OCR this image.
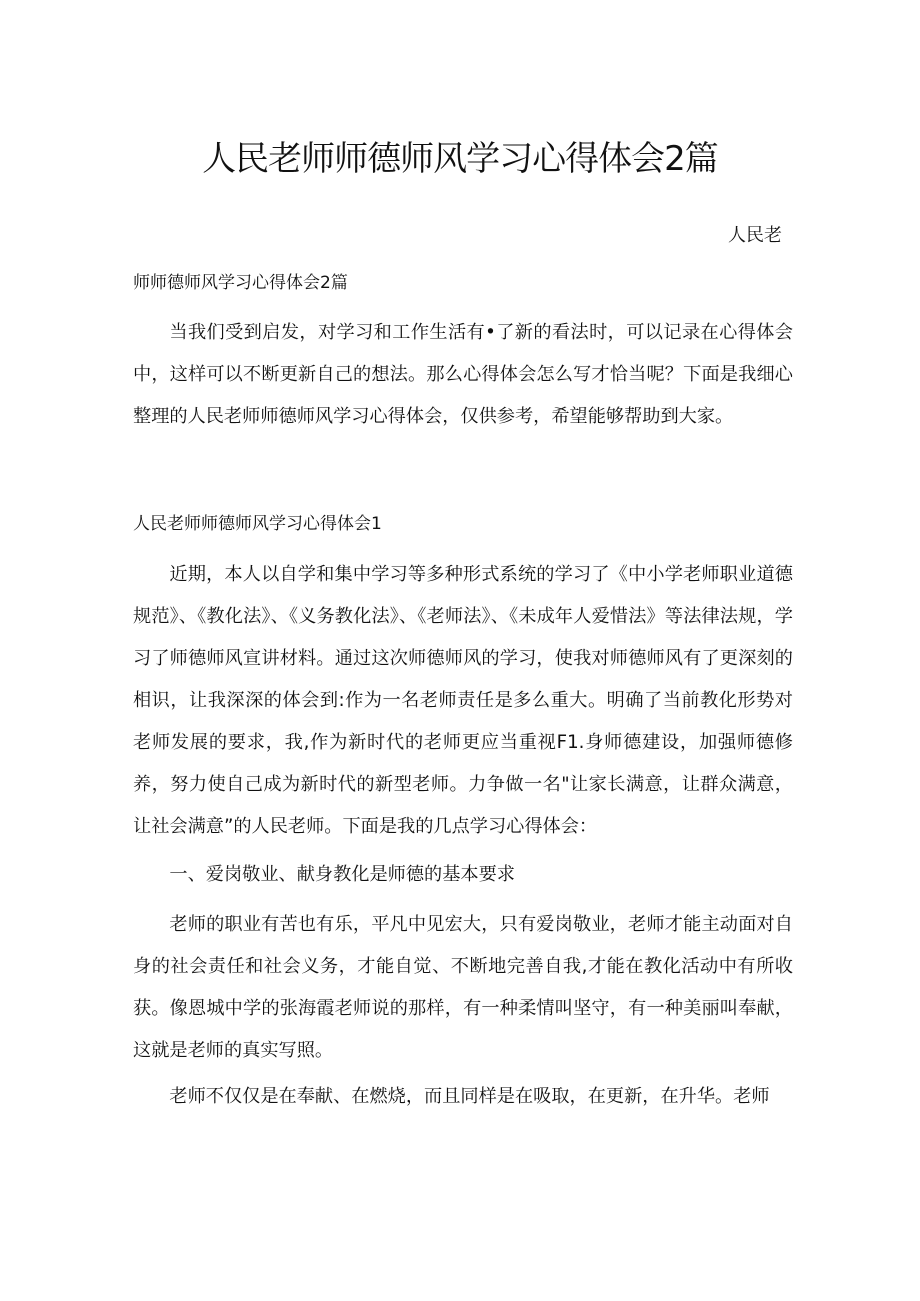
人民老师师德师风学习心得体会2篇
人民老
师师德师风学习心得体会2篇

当我们受到启发，对学习和工作生活有•了新的看法时，可以记录在心得体会中，这样可以不断更新自己的想法。那么心得体会怎么写才恰当呢？下面是我细心整理的人民老师师德师风学习心得体会，仅供参考，希望能够帮助到大家。

人民老师师德师风学习心得体会1

近期，本人以自学和集中学习等多种形式系统的学习了《中小学老师职业道德规范》、《教化法》、《义务教化法》、《老师法》、《未成年人爱惜法》等法律法规，学习了师德师风宣讲材料。通过这次师德师风的学习，使我对师德师风有了更深刻的相识，让我深深的体会到:作为一名老师责任是多么重大。明确了当前教化形势对老师发展的要求，我,作为新时代的老师更应当重视F1.身师德建设，加强师德修养，努力使自己成为新时代的新型老师。力争做一名"让家长满意，让群众满意，让社会满意”的人民老师。下面是我的几点学习心得体会：

一、爱岗敬业、献身教化是师德的基本要求

老师的职业有苦也有乐，平凡中见宏大，只有爱岗敬业，老师才能主动面对自身的社会责任和社会义务，才能自觉、不断地完善自我,才能在教化活动中有所收获。像恩城中学的张海霞老师说的那样，有一种柔情叫坚守，有一种美丽叫奉献，这就是老师的真实写照。

老师不仅仅是在奉献、在燃烧，而且同样是在吸取，在更新，在升华。老师
